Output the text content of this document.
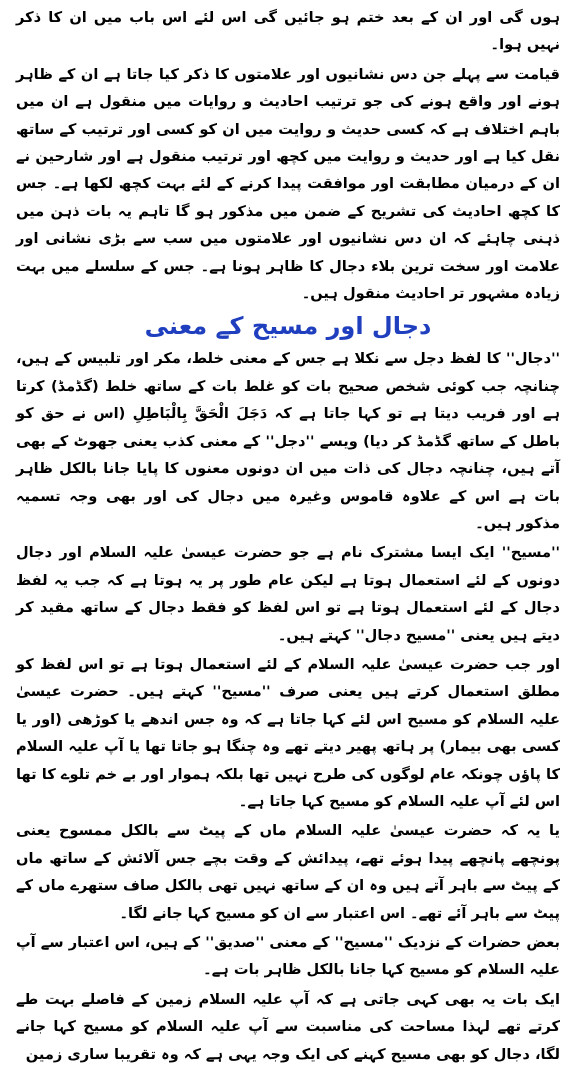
ہوں گی اور ان کے بعد ختم ہو جائیں گی اس لئے اس باب میں ان کا ذکر نہیں ہوا۔

قیامت سے پہلے جن دس نشانیوں اور علامتوں کا ذکر کیا جاتا ہے ان کے ظاہر ہونے اور واقع ہونے کی جو ترتیب احادیث و روایات میں منقول ہے ان میں باہم اختلاف ہے کہ کسی حدیث و روایت میں ان کو کسی اور ترتیب کے ساتھ نقل کیا ہے اور حدیث و روایت میں کچھ اور ترتیب منقول ہے اور شارحین نے ان کے درمیان مطابقت اور موافقت پیدا کرنے کے لئے بہت کچھ لکھا ہے۔ جس کا کچھ احادیث کی تشریح کے ضمن میں مذکور ہو گا تاہم یہ بات ذہن میں ذہنی چاہئے کہ ان دس نشانیوں اور علامتوں میں سب سے بڑی نشانی اور علامت اور سخت ترین بلاء دجال کا ظاہر ہونا ہے۔ جس کے سلسلے میں بہت زیادہ مشہور تر احادیث منقول ہیں۔

دجال اور مسیح کے معنی

''دجال'' کا لفظ دجل سے نکلا ہے جس کے معنی خلط، مکر اور تلبیس کے ہیں، چنانچہ جب کوئی شخص صحیح بات کو غلط بات کے ساتھ خلط (گڈمڈ) کرتا ہے اور فریب دیتا ہے تو کہا جاتا ہے کہ دَجَلَ الْحَقَّ بِالْبَاطِلِ (اس نے حق کو باطل کے ساتھ گڈمڈ کر دیا) ویسے ''دجل'' کے معنی کذب یعنی جھوٹ کے بھی آتے ہیں، چنانچہ دجال کی ذات میں ان دونوں معنوں کا پایا جانا بالکل ظاہر بات ہے اس کے علاوہ قاموس وغیرہ میں دجال کی اور بھی وجہ تسمیہ مذکور ہیں۔

''مسیح'' ایک ایسا مشترک نام ہے جو حضرت عیسیٰ علیہ السلام اور دجال دونوں کے لئے استعمال ہوتا ہے لیکن عام طور پر یہ ہوتا ہے کہ جب یہ لفظ دجال کے لئے استعمال ہوتا ہے تو اس لفظ کو فقط دجال کے ساتھ مقید کر دیتے ہیں یعنی ''مسیح دجال'' کہتے ہیں۔

اور جب حضرت عیسیٰ علیہ السلام کے لئے استعمال ہوتا ہے تو اس لفظ کو مطلق استعمال کرتے ہیں یعنی صرف ''مسیح'' کہتے ہیں۔ حضرت عیسیٰ علیہ السلام کو مسیح اس لئے کہا جاتا ہے کہ وہ جس اندھے یا کوڑھی (اور یا کسی بھی بیمار) پر ہاتھ پھیر دیتے تھے وہ چنگا ہو جاتا تھا یا آپ علیہ السلام کا پاؤں چونکہ عام لوگوں کی طرح نہیں تھا بلکہ ہموار اور بے خم تلوے کا تھا اس لئے آپ علیہ السلام کو مسیح کہا جاتا ہے۔

یا یہ کہ حضرت عیسیٰ علیہ السلام ماں کے پیٹ سے بالکل ممسوح یعنی پونچھے پانچھے پیدا ہوئے تھے، پیدائش کے وقت بچے جس آلائش کے ساتھ ماں کے پیٹ سے باہر آتے ہیں وہ ان کے ساتھ نہیں تھی بالکل صاف ستھرے ماں کے پیٹ سے باہر آئے تھے۔ اس اعتبار سے ان کو مسیح کہا جانے لگا۔

بعض حضرات کے نزدیک ''مسیح'' کے معنی ''صدیق'' کے ہیں، اس اعتبار سے آپ علیہ السلام کو مسیح کہا جانا بالکل ظاہر بات ہے۔

ایک بات یہ بھی کہی جاتی ہے کہ آپ علیہ السلام زمین کے فاصلے بہت طے کرتے تھے لہذا مساحت کی مناسبت سے آپ علیہ السلام کو مسیح کہا جانے لگا، دجال کو بھی مسیح کہنے کی ایک وجہ یہی ہے کہ وہ تقریبا ساری زمین
